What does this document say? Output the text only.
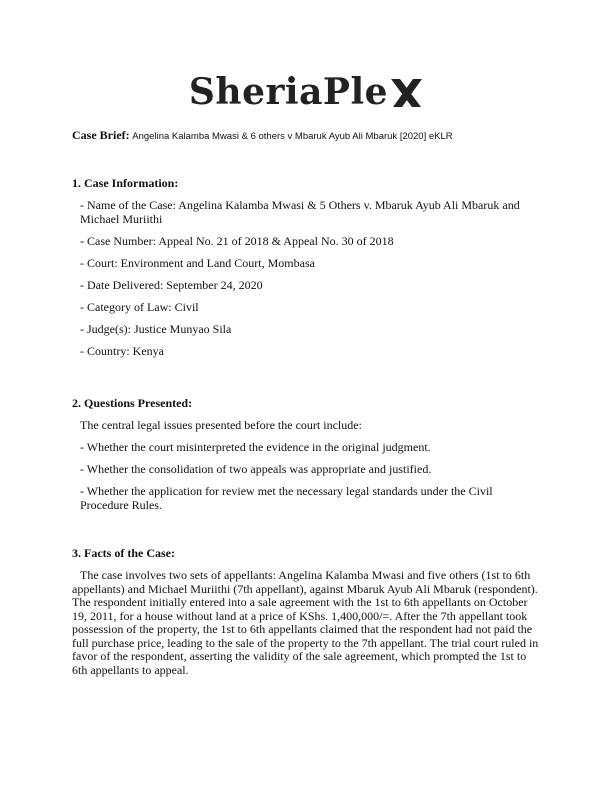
SheriaPle
Case Brief: Angelina Kalamba Mwasi & 6 others v Mbaruk Ayub Ali Mbaruk [2020] eKLR
1. Case Information:
- Name of the Case: Angelina Kalamba Mwasi & 5 Others v. Mbaruk Ayub Ali Mbaruk and Michael Muriithi
- Case Number: Appeal No. 21 of 2018 & Appeal No. 30 of 2018
- Court: Environment and Land Court, Mombasa
- Date Delivered: September 24, 2020
- Category of Law: Civil
- Judge(s): Justice Munyao Sila
- Country: Kenya
2. Questions Presented:
The central legal issues presented before the court include:
- Whether the court misinterpreted the evidence in the original judgment.
- Whether the consolidation of two appeals was appropriate and justified.
- Whether the application for review met the necessary legal standards under the Civil Procedure Rules.
3. Facts of the Case:

The case involves two sets of appellants: Angelina Kalamba Mwasi and five others (1st to 6th appellants) and Michael Muriithi (7th appellant), against Mbaruk Ayub Ali Mbaruk (respondent). The respondent initially entered into a sale agreement with the 1st to 6th appellants on October 19, 2011, for a house without land at a price of KShs. 1,400,000/=. After the 7th appellant took possession of the property, the 1st to 6th appellants claimed that the respondent had not paid the full purchase price, leading to the sale of the property to the 7th appellant. The trial court ruled in favor of the respondent, asserting the validity of the sale agreement, which prompted the 1st to 6th appellants to appeal.
